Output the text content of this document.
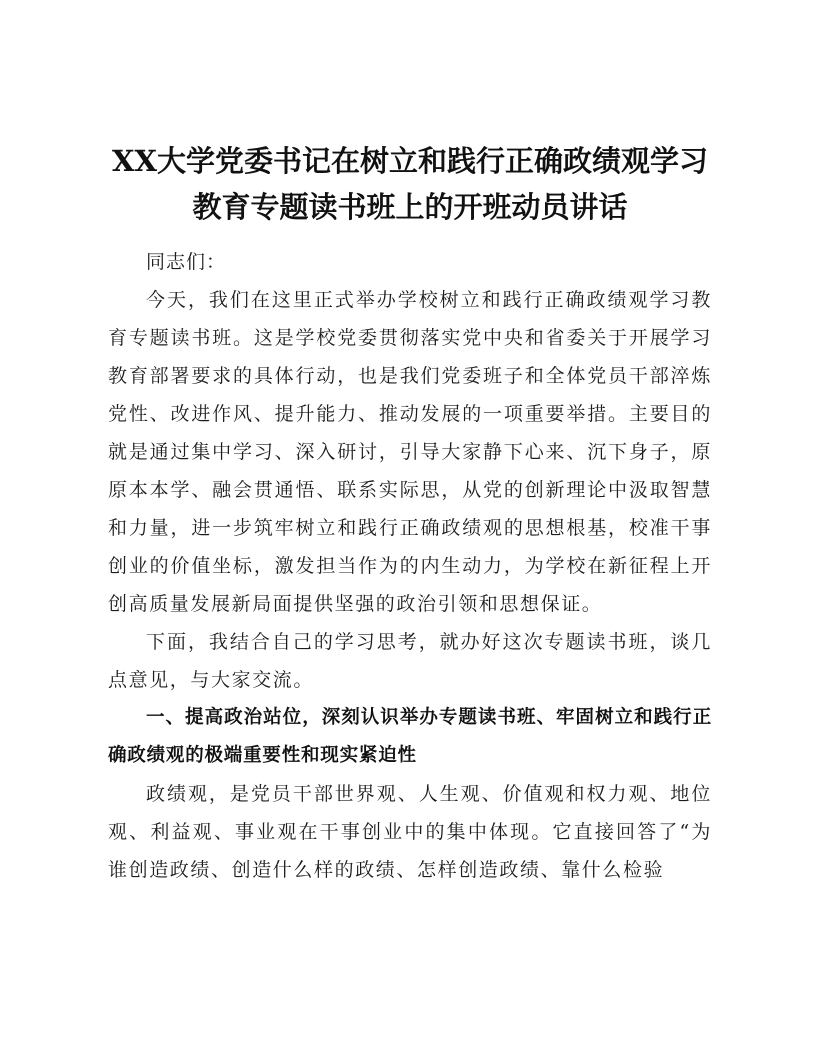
XX大学党委书记在树立和践行正确政绩观学习
教育专题读书班上的开班动员讲话

同志们：

今天，我们在这里正式举办学校树立和践行正确政绩观学习教育专题读书班。这是学校党委贯彻落实党中央和省委关于开展学习教育部署要求的具体行动，也是我们党委班子和全体党员干部淬炼党性、改进作风、提升能力、推动发展的一项重要举措。主要目的就是通过集中学习、深入研讨，引导大家静下心来、沉下身子，原原本本学、融会贯通悟、联系实际思，从党的创新理论中汲取智慧和力量，进一步筑牢树立和践行正确政绩观的思想根基，校准干事创业的价值坐标，激发担当作为的内生动力，为学校在新征程上开创高质量发展新局面提供坚强的政治引领和思想保证。

下面，我结合自己的学习思考，就办好这次专题读书班，谈几点意见，与大家交流。

一、提高政治站位，深刻认识举办专题读书班、牢固树立和践行正确政绩观的极端重要性和现实紧迫性

政绩观，是党员干部世界观、人生观、价值观和权力观、地位观、利益观、事业观在干事创业中的集中体现。它直接回答了“为谁创造政绩、创造什么样的政绩、怎样创造政绩、靠什么检验
